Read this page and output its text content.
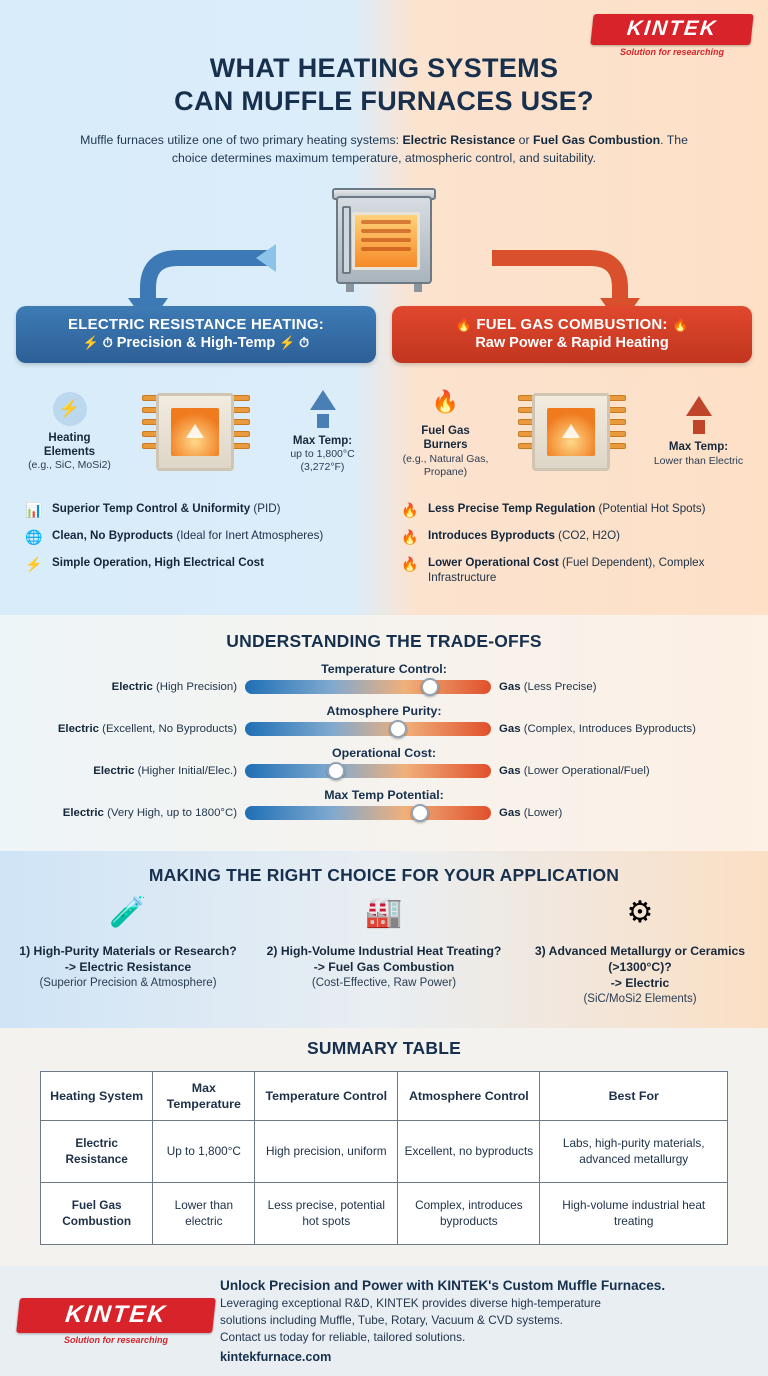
KINTEK
Solution for researching
WHAT HEATING SYSTEMS
CAN MUFFLE FURNACES USE?

Muffle furnaces utilize one of two primary heating systems: Electric Resistance or Fuel Gas Combustion. The choice determines maximum temperature, atmospheric control, and suitability.

ELECTRIC RESISTANCE HEATING:
⚡ ⏱ Precision & High-Temp ⚡ ⏱
⚡
Heating Elements
(e.g., SiC, MoSi2)
Max Temp:
up to 1,800°C (3,272°F)
📊 Superior Temp Control & Uniformity (PID)
🌐 Clean, No Byproducts (Ideal for Inert Atmospheres)
⚡ Simple Operation, High Electrical Cost
🔥 FUEL GAS COMBUSTION: 🔥
Raw Power & Rapid Heating
🔥
Fuel Gas Burners
(e.g., Natural Gas, Propane)
Max Temp:
Lower than Electric
🔥 Less Precise Temp Regulation (Potential Hot Spots)
🔥 Introduces Byproducts (CO2, H2O)
🔥 Lower Operational Cost (Fuel Dependent), Complex Infrastructure
UNDERSTANDING THE TRADE-OFFS
Temperature Control:
Electric (High Precision)	Gas (Less Precise)
Atmosphere Purity:
Electric (Excellent, No Byproducts)	Gas (Complex, Introduces Byproducts)
Operational Cost:
Electric (Higher Initial/Elec.)	Gas (Lower Operational/Fuel)
Max Temp Potential:
Electric (Very High, up to 1800°C)	Gas (Lower)
MAKING THE RIGHT CHOICE FOR YOUR APPLICATION
🧪
1) High-Purity Materials or Research?
-> Electric Resistance
(Superior Precision & Atmosphere)
🏭
2) High-Volume Industrial Heat Treating?
-> Fuel Gas Combustion
(Cost-Effective, Raw Power)
⚙
3) Advanced Metallurgy or Ceramics (>1300°C)?
-> Electric
(SiC/MoSi2 Elements)
SUMMARY TABLE
Heating System	Max Temperature	Temperature Control	Atmosphere Control	Best For
Electric Resistance	Up to 1,800°C	High precision, uniform	Excellent, no byproducts	Labs, high-purity materials, advanced metallurgy
Fuel Gas Combustion	Lower than electric	Less precise, potential hot spots	Complex, introduces byproducts	High-volume industrial heat treating
KINTEK
Solution for researching
Unlock Precision and Power with KINTEK's Custom Muffle Furnaces.
Leveraging exceptional R&D, KINTEK provides diverse high-temperature
solutions including Muffle, Tube, Rotary, Vacuum & CVD systems.
Contact us today for reliable, tailored solutions.
kintekfurnace.com
